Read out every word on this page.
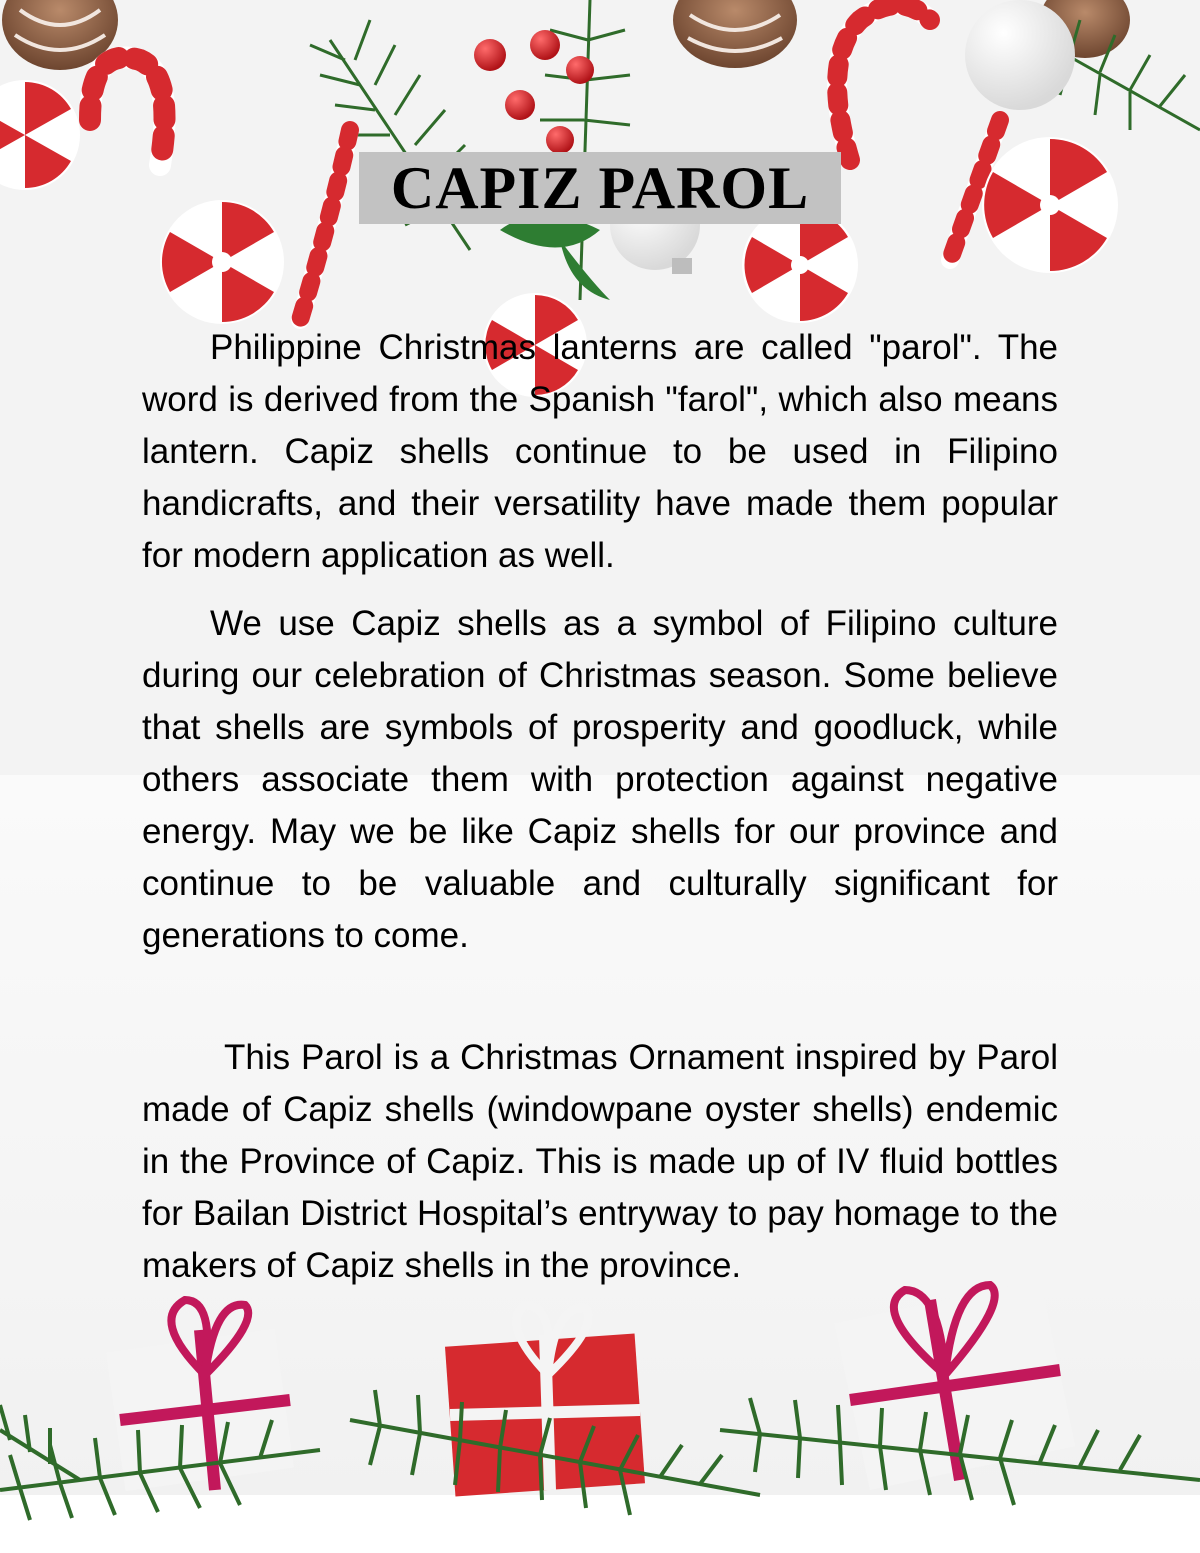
CAPIZ PAROL

Philippine Christmas lanterns are called "parol". The word is derived from the Spanish "farol", which also means lantern. Capiz shells continue to be used in Filipino handicrafts, and their versatility have made them popular for modern application as well.

We use Capiz shells as a symbol of Filipino culture during our celebration of Christmas season. Some believe that shells are symbols of prosperity and goodluck, while others associate them with protection against negative energy. May we be like Capiz shells for our province and continue to be valuable and culturally significant for generations to come.

This Parol is a Christmas Ornament inspired by Parol made of Capiz shells (windowpane oyster shells) endemic in the Province of Capiz. This is made up of IV fluid bottles for Bailan District Hospital’s entryway to pay homage to the makers of Capiz shells in the province.
